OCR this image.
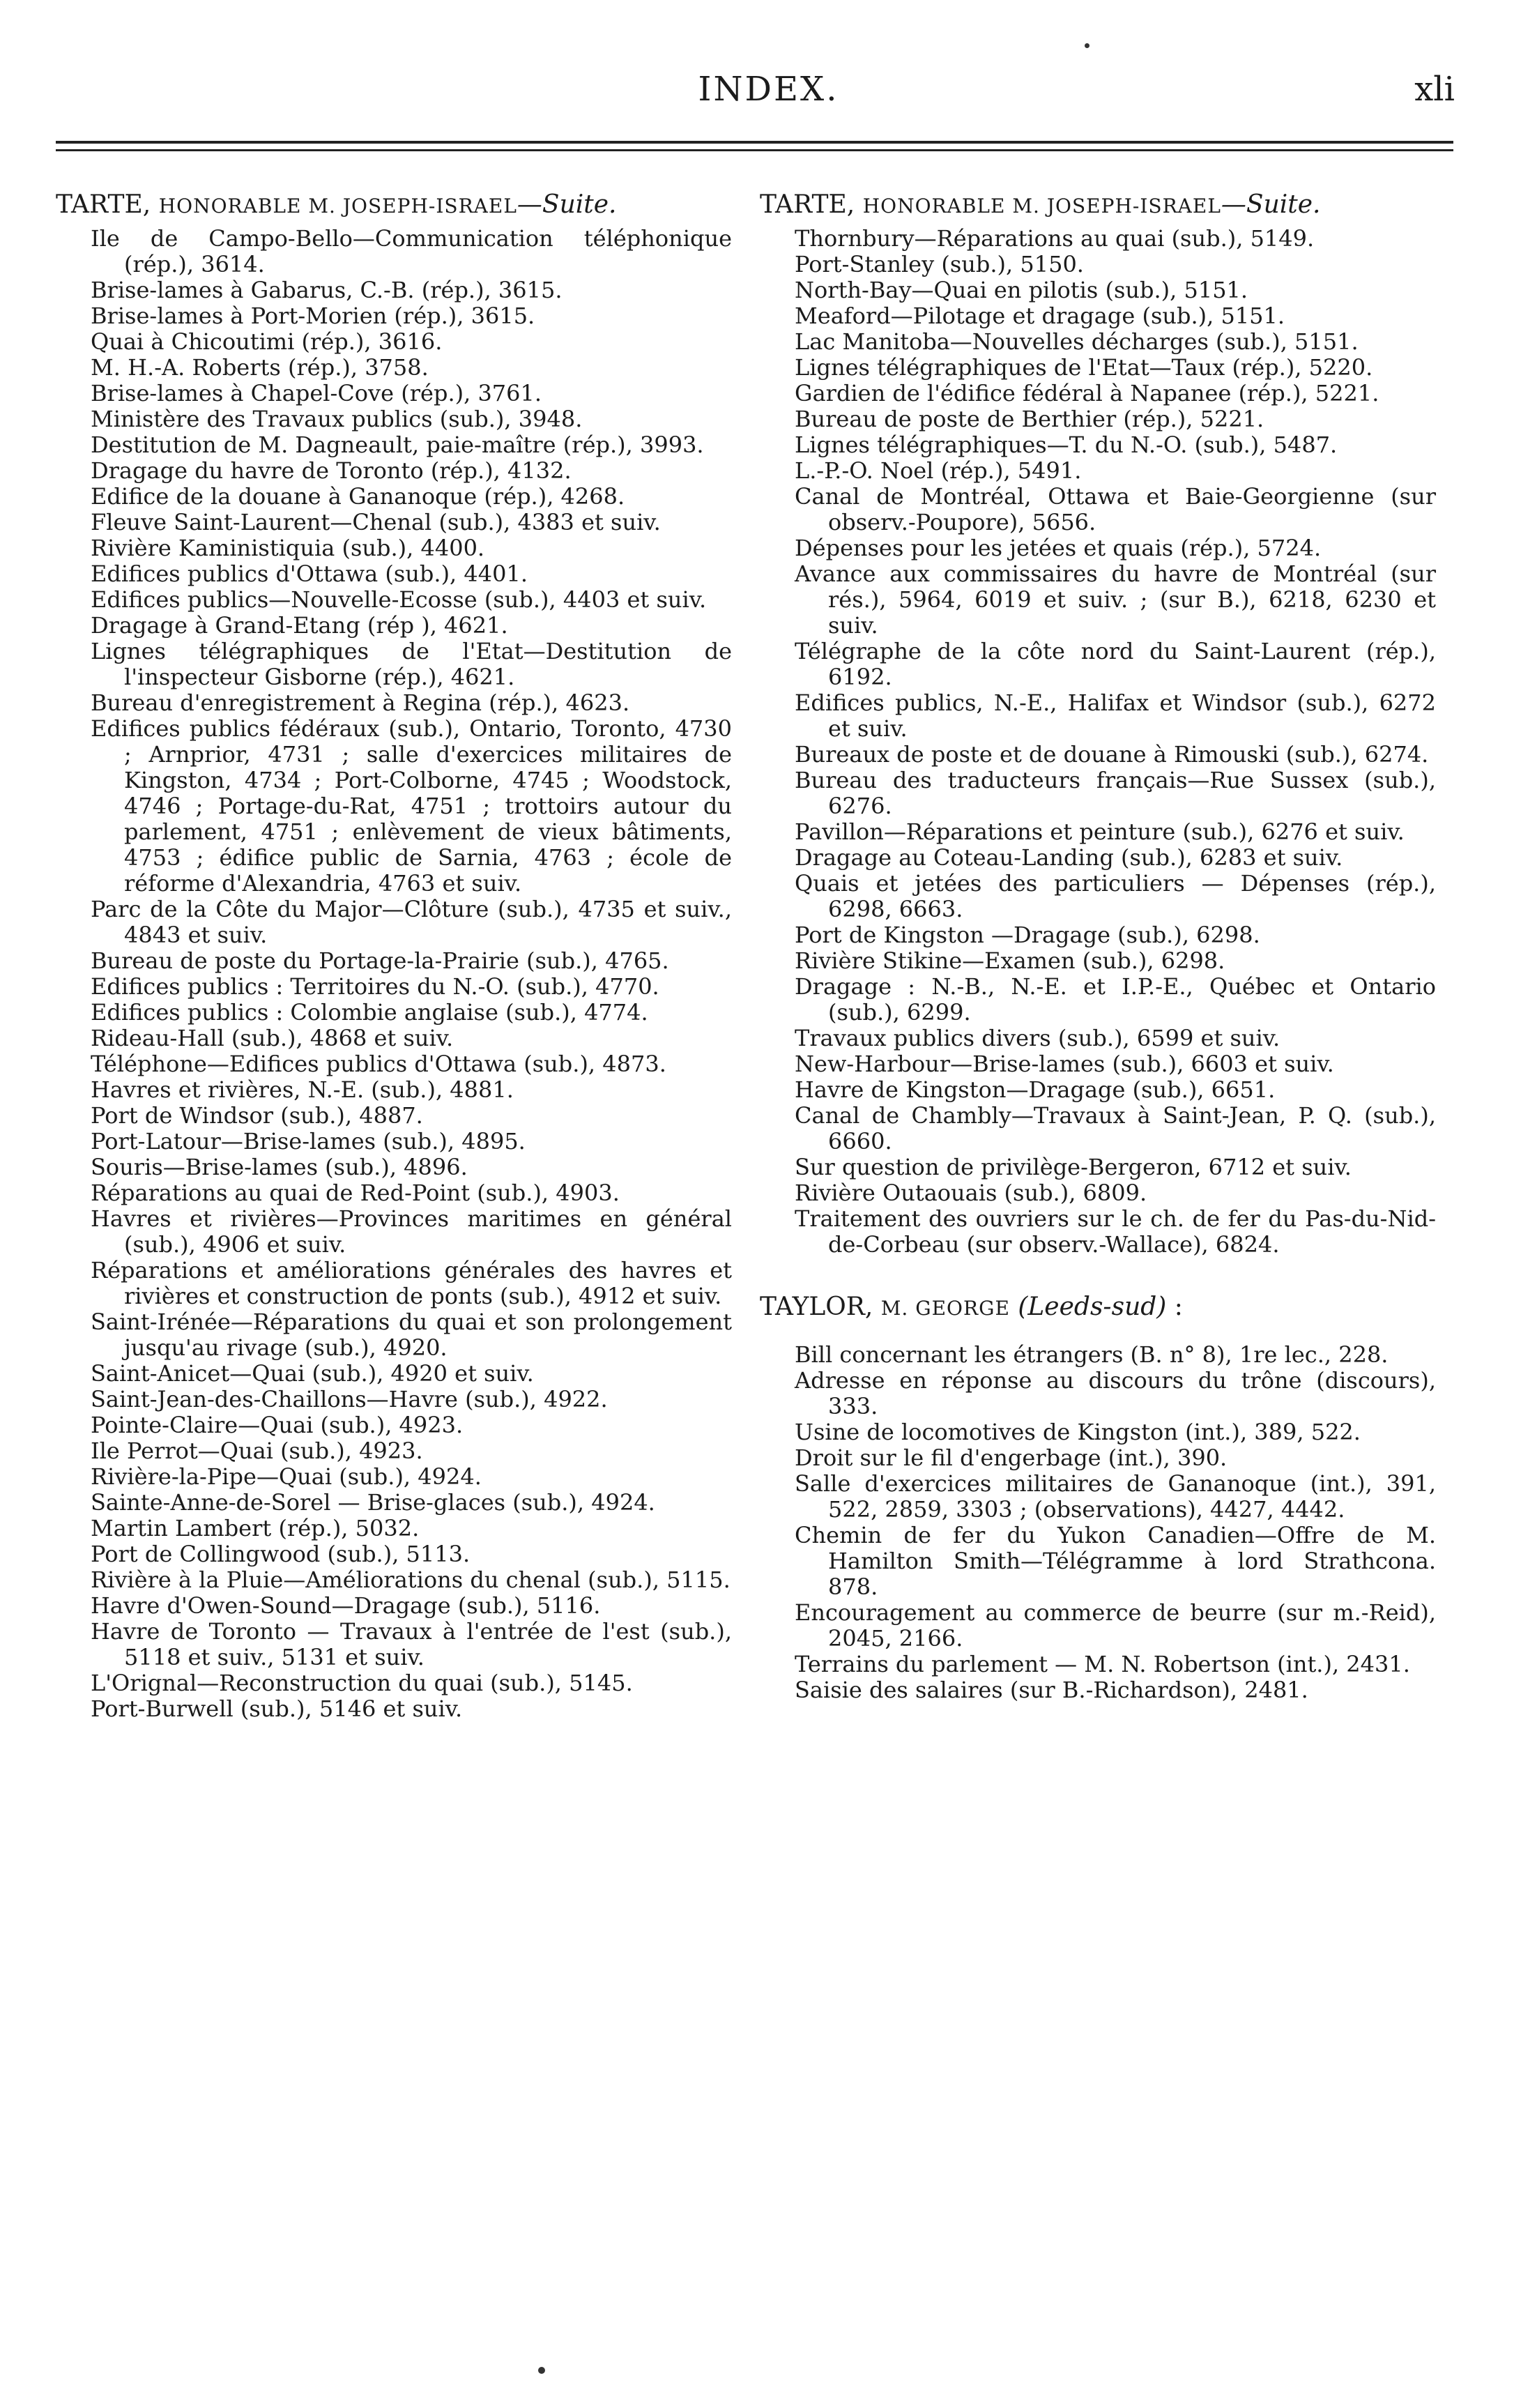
INDEX.	xli
TARTE, HONORABLE M. JOSEPH-ISRAEL—Suite.
Ile de Campo-Bello—Communication téléphonique (rép.), 3614.
Brise-lames à Gabarus, C.-B. (rép.), 3615.
Brise-lames à Port-Morien (rép.), 3615.
Quai à Chicoutimi (rép.), 3616.
M. H.-A. Roberts (rép.), 3758.
Brise-lames à Chapel-Cove (rép.), 3761.
Ministère des Travaux publics (sub.), 3948.
Destitution de M. Dagneault, paie-maître (rép.), 3993.
Dragage du havre de Toronto (rép.), 4132.
Edifice de la douane à Gananoque (rép.), 4268.
Fleuve Saint-Laurent—Chenal (sub.), 4383 et suiv.
Rivière Kaministiquia (sub.), 4400.
Edifices publics d'Ottawa (sub.), 4401.
Edifices publics—Nouvelle-Ecosse (sub.), 4403 et suiv.
Dragage à Grand-Etang (rép ), 4621.
Lignes télégraphiques de l'Etat—Destitution de l'inspecteur Gisborne (rép.), 4621.
Bureau d'enregistrement à Regina (rép.), 4623.
Edifices publics fédéraux (sub.), Ontario, Toronto, 4730 ; Arnprior, 4731 ; salle d'exercices militaires de Kingston, 4734 ; Port-Colborne, 4745 ; Woodstock, 4746 ; Portage-du-Rat, 4751 ; trottoirs autour du parlement, 4751 ; enlèvement de vieux bâtiments, 4753 ; édifice public de Sarnia, 4763 ; école de réforme d'Alexandria, 4763 et suiv.
Parc de la Côte du Major—Clôture (sub.), 4735 et suiv., 4843 et suiv.
Bureau de poste du Portage-la-Prairie (sub.), 4765.
Edifices publics : Territoires du N.-O. (sub.), 4770.
Edifices publics : Colombie anglaise (sub.), 4774.
Rideau-Hall (sub.), 4868 et suiv.
Téléphone—Edifices publics d'Ottawa (sub.), 4873.
Havres et rivières, N.-E. (sub.), 4881.
Port de Windsor (sub.), 4887.
Port-Latour—Brise-lames (sub.), 4895.
Souris—Brise-lames (sub.), 4896.
Réparations au quai de Red-Point (sub.), 4903.
Havres et rivières—Provinces maritimes en général (sub.), 4906 et suiv.
Réparations et améliorations générales des havres et rivières et construction de ponts (sub.), 4912 et suiv.
Saint-Irénée—Réparations du quai et son prolongement jusqu'au rivage (sub.), 4920.
Saint-Anicet—Quai (sub.), 4920 et suiv.
Saint-Jean-des-Chaillons—Havre (sub.), 4922.
Pointe-Claire—Quai (sub.), 4923.
Ile Perrot—Quai (sub.), 4923.
Rivière-la-Pipe—Quai (sub.), 4924.
Sainte-Anne-de-Sorel — Brise-glaces (sub.), 4924.
Martin Lambert (rép.), 5032.
Port de Collingwood (sub.), 5113.
Rivière à la Pluie—Améliorations du chenal (sub.), 5115.
Havre d'Owen-Sound—Dragage (sub.), 5116.
Havre de Toronto — Travaux à l'entrée de l'est (sub.), 5118 et suiv., 5131 et suiv.
L'Orignal—Reconstruction du quai (sub.), 5145.
Port-Burwell (sub.), 5146 et suiv.
TARTE, HONORABLE M. JOSEPH-ISRAEL—Suite.
Thornbury—Réparations au quai (sub.), 5149.
Port-Stanley (sub.), 5150.
North-Bay—Quai en pilotis (sub.), 5151.
Meaford—Pilotage et dragage (sub.), 5151.
Lac Manitoba—Nouvelles décharges (sub.), 5151.
Lignes télégraphiques de l'Etat—Taux (rép.), 5220.
Gardien de l'édifice fédéral à Napanee (rép.), 5221.
Bureau de poste de Berthier (rép.), 5221.
Lignes télégraphiques—T. du N.-O. (sub.), 5487.
L.-P.-O. Noel (rép.), 5491.
Canal de Montréal, Ottawa et Baie-Georgienne (sur observ.-Poupore), 5656.
Dépenses pour les jetées et quais (rép.), 5724.
Avance aux commissaires du havre de Montréal (sur rés.), 5964, 6019 et suiv. ; (sur B.), 6218, 6230 et suiv.
Télégraphe de la côte nord du Saint-Laurent (rép.), 6192.
Edifices publics, N.-E., Halifax et Windsor (sub.), 6272 et suiv.
Bureaux de poste et de douane à Rimouski (sub.), 6274.
Bureau des traducteurs français—Rue Sussex (sub.), 6276.
Pavillon—Réparations et peinture (sub.), 6276 et suiv.
Dragage au Coteau-Landing (sub.), 6283 et suiv.
Quais et jetées des particuliers — Dépenses (rép.), 6298, 6663.
Port de Kingston —Dragage (sub.), 6298.
Rivière Stikine—Examen (sub.), 6298.
Dragage : N.-B., N.-E. et I.P.-E., Québec et Ontario (sub.), 6299.
Travaux publics divers (sub.), 6599 et suiv.
New-Harbour—Brise-lames (sub.), 6603 et suiv.
Havre de Kingston—Dragage (sub.), 6651.
Canal de Chambly—Travaux à Saint-Jean, P. Q. (sub.), 6660.
Sur question de privilège-Bergeron, 6712 et suiv.
Rivière Outaouais (sub.), 6809.
Traitement des ouvriers sur le ch. de fer du Pas-du-Nid-de-Corbeau (sur observ.-Wallace), 6824.
TAYLOR, M. GEORGE (Leeds-sud) :
Bill concernant les étrangers (B. n° 8), 1re lec., 228.
Adresse en réponse au discours du trône (discours), 333.
Usine de locomotives de Kingston (int.), 389, 522.
Droit sur le fil d'engerbage (int.), 390.
Salle d'exercices militaires de Gananoque (int.), 391, 522, 2859, 3303 ; (observations), 4427, 4442.
Chemin de fer du Yukon Canadien—Offre de M. Hamilton Smith—Télégramme à lord Strathcona. 878.
Encouragement au commerce de beurre (sur m.-Reid), 2045, 2166.
Terrains du parlement — M. N. Robertson (int.), 2431.
Saisie des salaires (sur B.-Richardson), 2481.
